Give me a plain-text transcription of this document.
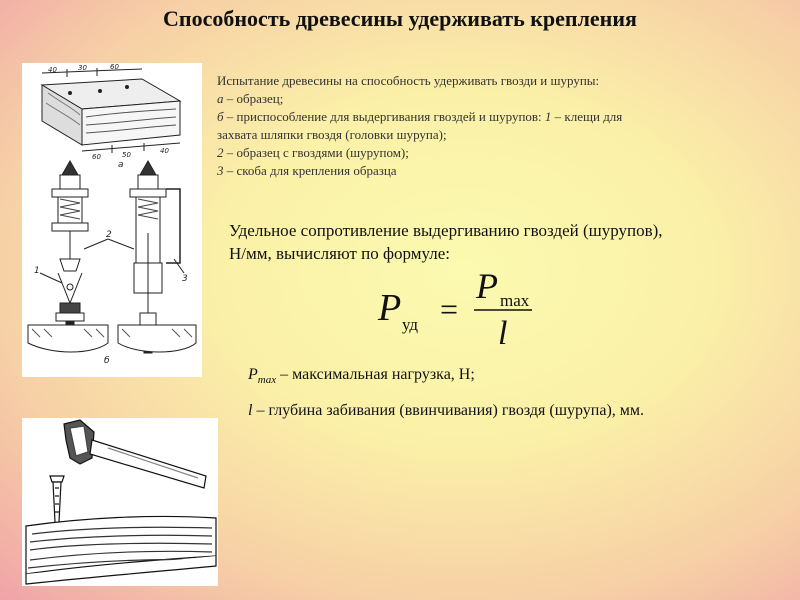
Способность древесины удерживать крепления
40	30	60
60	50	40
а
б
1
2
3
Испытание древесины на способность удерживать гвозди и шурупы:
а – образец;
б – приспособление для выдергивания гвоздей и шурупов: 1 – клещи для
захвата шляпки гвоздя (головки шурупа);
2 – образец с гвоздями (шурупом);
3 – скоба для крепления образца
Удельное сопротивление выдергиванию гвоздей (шурупов),
Н/мм, вычисляют по формуле:
P уд =
P max
l
$P_{max}$ – максимальная нагрузка, Н;
l – глубина забивания (ввинчивания) гвоздя (шурупа), мм.
